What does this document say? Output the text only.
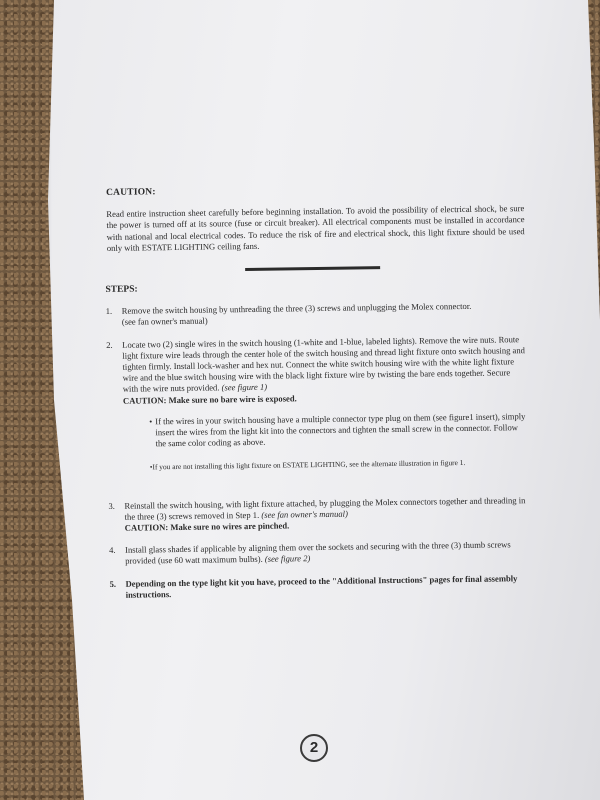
CAUTION:
Read entire instruction sheet carefully before beginning installation. To avoid the possibility of electrical shock, be sure the power is turned off at its source (fuse or circuit breaker). All electrical components must be installed in accordance with national and local electrical codes. To reduce the risk of fire and electrical shock, this light fixture should be used only with ESTATE LIGHTING ceiling fans.
STEPS:
1.	Remove the switch housing by unthreading the three (3) screws and unplugging the Molex connector.
(see fan owner's manual)
2.	Locate two (2) single wires in the switch housing (1-white and 1-blue, labeled lights). Remove the wire nuts. Route light fixture wire leads through the center hole of the switch housing and thread light fixture onto switch housing and tighten firmly. Install lock-washer and hex nut. Connect the white switch housing wire with the white light fixture wire and the blue switch housing wire with the black light fixture wire by twisting the bare ends together. Secure with the wire nuts provided. (see figure 1)
CAUTION: Make sure no bare wire is exposed.
• If the wires in your switch housing have a multiple connector type plug on them (see figure1 insert), simply insert the wires from the light kit into the connectors and tighten the small screw in the connector. Follow the same color coding as above.
• If you are not installing this light fixture on ESTATE LIGHTING, see the alternate illustration in figure 1.
3.	Reinstall the switch housing, with light fixture attached, by plugging the Molex connectors together and threading in the three (3) screws removed in Step 1. (see fan owner's manual)
CAUTION: Make sure no wires are pinched.
4.	Install glass shades if applicable by aligning them over the sockets and securing with the three (3) thumb screws provided (use 60 watt maximum bulbs). (see figure 2)
5.	Depending on the type light kit you have, proceed to the "Additional Instructions" pages for final assembly instructions.
2
